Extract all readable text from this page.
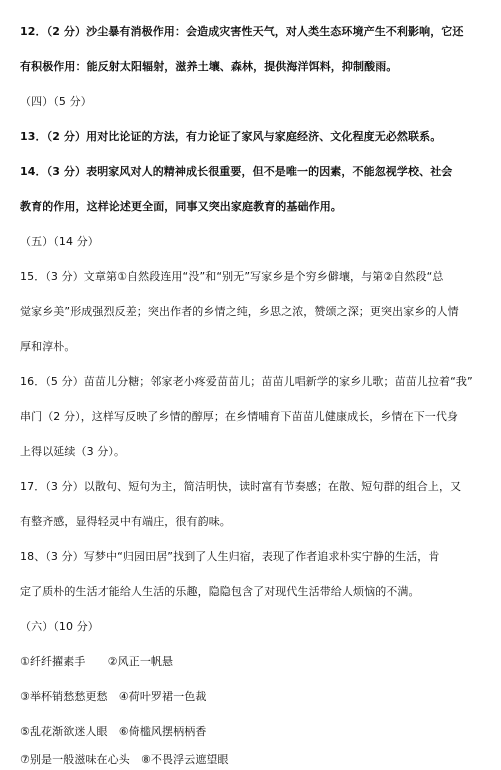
12．（2 分）沙尘暴有消极作用：会造成灾害性天气，对人类生态环境产生不利影响，它还
有积极作用：能反射太阳辐射，滋养土壤、森林，提供海洋饵料，抑制酸雨。
（四）（5 分）
13．（2 分）用对比论证的方法，有力论证了家风与家庭经济、文化程度无必然联系。
14．（3 分）表明家风对人的精神成长很重要，但不是唯一的因素，不能忽视学校、社会
教育的作用，这样论述更全面，同事又突出家庭教育的基础作用。
（五）（14 分）
15．（3 分）文章第①自然段连用“没”和“别无”写家乡是个穷乡僻壤，与第②自然段“总
觉家乡美”形成强烈反差；突出作者的乡情之纯，乡思之浓，赞颂之深；更突出家乡的人情
厚和淳朴。
16．（5 分）苗苗儿分糖；邻家老小疼爱苗苗儿；苗苗儿唱新学的家乡儿歌；苗苗儿拉着“我”
串门（2 分），这样写反映了乡情的醇厚；在乡情哺育下苗苗儿健康成长，乡情在下一代身
上得以延续（3 分）。
17．（3 分）以散句、短句为主，简洁明快，读时富有节奏感；在散、短句群的组合上，又
有整齐感，显得轻灵中有端庄，很有韵味。
18、（3 分）写梦中“归园田居”找到了人生归宿，表现了作者追求朴实宁静的生活，肯
定了质朴的生活才能给人生活的乐趣，隐隐包含了对现代生活带给人烦恼的不满。
（六）（10 分）
①纤纤擢素手　　②风正一帆悬
③举杯销愁愁更愁　④荷叶罗裙一色裁
⑤乱花渐欲迷人眼　⑥倚槛风摆柄柄香
⑦别是一般滋味在心头　⑧不畏浮云遮望眼
